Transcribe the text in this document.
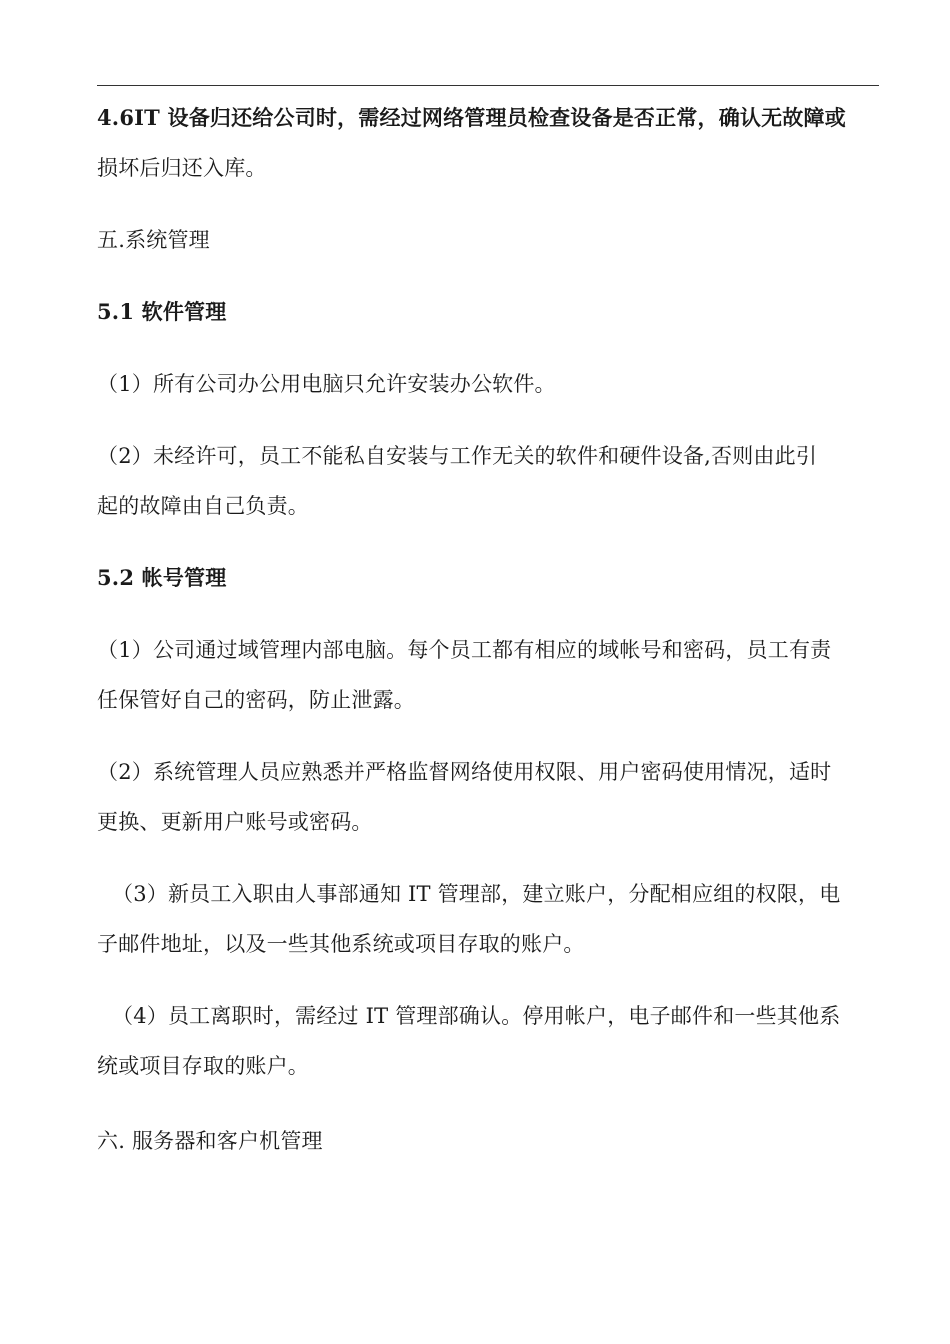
4.6IT 设备归还给公司时，需经过网络管理员检查设备是否正常，确认无故障或
损坏后归还入库。
五.系统管理
5.1 软件管理
（1）所有公司办公用电脑只允许安装办公软件。
（2）未经许可，员工不能私自安装与工作无关的软件和硬件设备,否则由此引
起的故障由自己负责。
5.2 帐号管理
（1）公司通过域管理内部电脑。每个员工都有相应的域帐号和密码，员工有责
任保管好自己的密码，防止泄露。
（2）系统管理人员应熟悉并严格监督网络使用权限、用户密码使用情况，适时
更换、更新用户账号或密码。
（3）新员工入职由人事部通知 IT 管理部，建立账户，分配相应组的权限，电
子邮件地址，以及一些其他系统或项目存取的账户。
（4）员工离职时，需经过 IT 管理部确认。停用帐户，电子邮件和一些其他系
统或项目存取的账户。
六. 服务器和客户机管理
